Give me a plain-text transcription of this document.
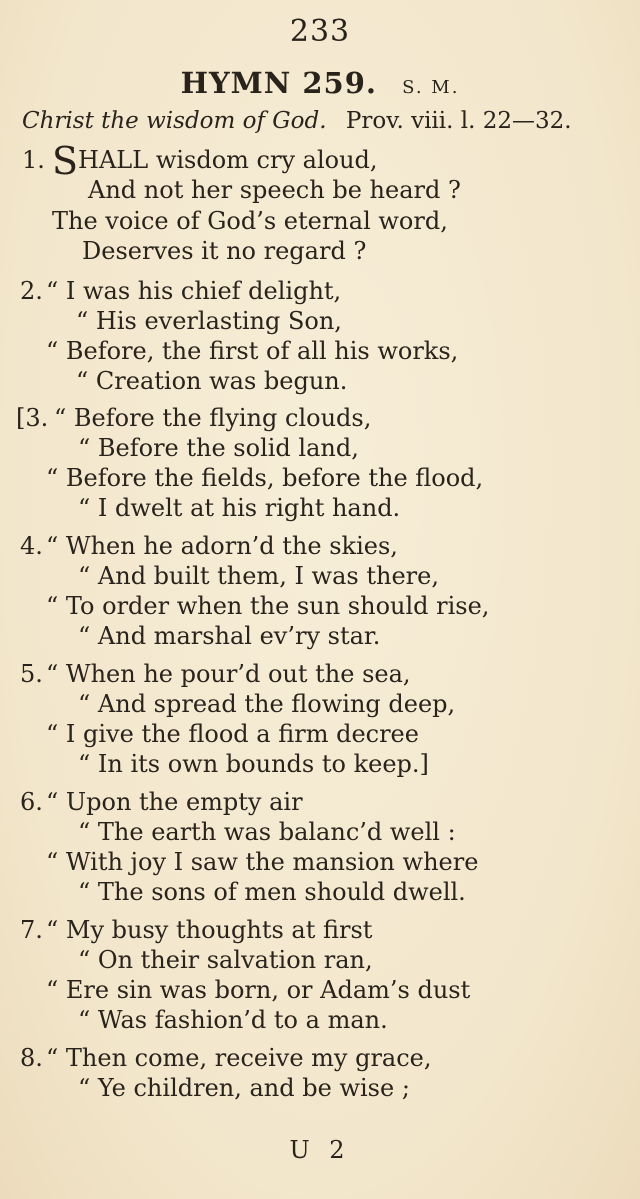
233
HYMN 259. S. M.
Christ the wisdom of God. Prov. viii. l. 22—32.
1. SHALL wisdom cry aloud,
And not her speech be heard ?
The voice of God’s eternal word,
Deserves it no regard ?
2. “ I was his chief delight,
“ His everlasting Son,
“ Before, the first of all his works,
“ Creation was begun.
[3. “ Before the flying clouds,
“ Before the solid land,
“ Before the fields, before the flood,
“ I dwelt at his right hand.
4. “ When he adorn’d the skies,
“ And built them, I was there,
“ To order when the sun should rise,
“ And marshal ev’ry star.
5. “ When he pour’d out the sea,
“ And spread the flowing deep,
“ I give the flood a firm decree
“ In its own bounds to keep.]
6. “ Upon the empty air
“ The earth was balanc’d well :
“ With joy I saw the mansion where
“ The sons of men should dwell.
7. “ My busy thoughts at first
“ On their salvation ran,
“ Ere sin was born, or Adam’s dust
“ Was fashion’d to a man.
8. “ Then come, receive my grace,
“ Ye children, and be wise ;
U 2
